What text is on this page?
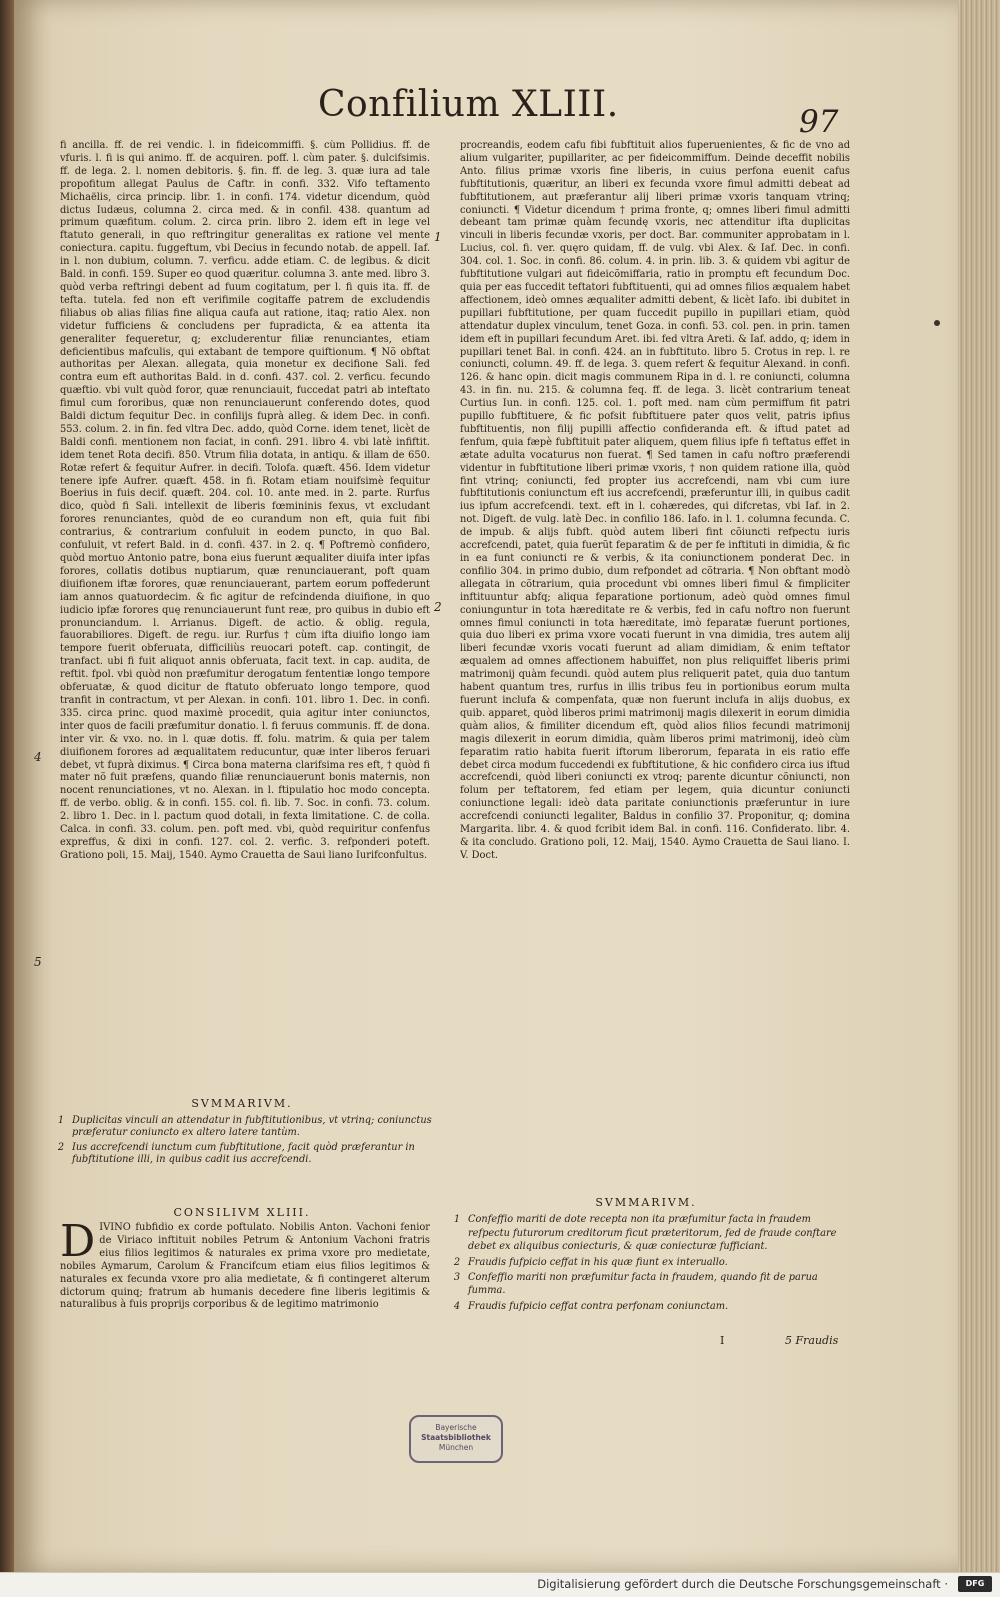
Confilium XLIII.	97

fi ancilla. ff. de rei vendic. l. in fideicommiffi. §. cùm Pollidius. ff. de vfuris. l. fi is qui animo. ff. de acquiren. poff. l. cùm pater. §. dulcifsimis. ff. de lega. 2. l. nomen debitoris. §. fin. ff. de leg. 3. quæ iura ad tale propofitum allegat Paulus de Caftr. in confi. 332. Vifo teftamento Michaëlis, circa princip. libr. 1. in confi. 174. videtur dicendum, quòd dictus Iudæus, columna 2. circa med. & in confil. 438. quantum ad primum quæfitum. colum. 2. circa prin. libro 2. idem eft in lege vel ftatuto generali, in quo reftringitur generalitas ex ratione vel mente coniectura. capitu. fuggeftum, vbi Decius in fecundo notab. de appell. Iaf. in l. non dubium, column. 7. verficu. adde etiam. C. de legibus. & dicit Bald. in confi. 159. Super eo quod quæritur. columna 3. ante med. libro 3. quòd verba reftringi debent ad fuum cogitatum, per l. fi quis ita. ff. de tefta. tutela. fed non eft verifimile cogitaffe patrem de excludendis filiabus ob alias filias fine aliqua caufa aut ratione, itaq; ratio Alex. non videtur fufficiens & concludens per fupradicta, & ea attenta ita generaliter fequeretur, q; excluderentur filiæ renunciantes, etiam deficientibus mafculis, qui extabant de tempore quiftionum. ¶ Nõ obftat authoritas per Alexan. allegata, quia monetur ex decifione Sali. fed contra eum eft authoritas Bald. in d. confi. 437. col. 2. verficu. fecundo quæftio. vbi vult quòd foror, quæ renunciauit, fuccedat patri ab inteftato fimul cum fororibus, quæ non renunciauerunt conferendo dotes, quod Baldi dictum fequitur Dec. in confilijs fuprà alleg. & idem Dec. in confi. 553. colum. 2. in fin. fed vltra Dec. addo, quòd Corne. idem tenet, licèt de Baldi confi. mentionem non faciat, in confi. 291. libro 4. vbi latè infiftit. idem tenet Rota decifi. 850. Vtrum filia dotata, in antiqu. & illam de 650. Rotæ refert & fequitur Aufrer. in decifi. Tolofa. quæft. 456. Idem videtur tenere ipfe Aufrer. quæft. 458. in fi. Rotam etiam nouifsimè fequitur Boerius in fuis decif. quæft. 204. col. 10. ante med. in 2. parte. Rurfus dico, quòd fi Sali. intellexit de liberis fœmininis fexus, vt excludant forores renunciantes, quòd de eo curandum non eft, quia fuit fibi contrarius, & contrarium confuluit in eodem puncto, in quo Bal. confuluit, vt refert Bald. in d. confi. 437. in 2. q. ¶ Poftremò confidero, quòd mortuo Antonio patre, bona eius fuerunt æqualiter diuifa inter ipfas forores, collatis dotibus nuptiarum, quæ renunciauerant, poft quam diuifionem iftæ forores, quæ renunciauerant, partem eorum poffederunt iam annos quatuordecim. & fic agitur de refcindenda diuifione, in quo iudicio ipfæ forores quę renunciauerunt funt reæ, pro quibus in dubio eft pronunciandum. l. Arrianus. Digeft. de actio. & oblig. regula, fauorabiliores. Digeft. de regu. iur. Rurfus † cùm ifta diuifio longo iam tempore fuerit obferuata, difficiliùs reuocari poteft. cap. contingit, de tranfact. ubi fi fuit aliquot annis obferuata, facit text. in cap. audita, de reftit. fpol. vbi quòd non præfumitur derogatum fententiæ longo tempore obferuatæ, & quod dicitur de ftatuto obferuato longo tempore, quod tranfit in contractum, vt per Alexan. in confi. 101. libro 1. Dec. in confi. 335. circa princ. quod maximè procedit, quia agitur inter coniunctos, inter quos de facili præfumitur donatio. l. fi feruus communis. ff. de dona. inter vir. & vxo. no. in l. quæ dotis. ff. folu. matrim. & quia per talem diuifionem forores ad æqualitatem reducuntur, quæ inter liberos feruari debet, vt fuprà diximus. ¶ Circa bona materna clarifsima res eft, † quòd fi mater nõ fuit præfens, quando filiæ renunciauerunt bonis maternis, non nocent renunciationes, vt no. Alexan. in l. ftipulatio hoc modo concepta. ff. de verbo. oblig. & in confi. 155. col. fi. lib. 7. Soc. in confi. 73. colum. 2. libro 1. Dec. in l. pactum quod dotali, in fexta limitatione. C. de colla. Calca. in confi. 33. colum. pen. poft med. vbi, quòd requiritur confenfus expreffus, & dixi in confi. 127. col. 2. verfic. 3. refponderi poteft. Grationo poli, 15. Maij, 1540. Aymo Crauetta de Saui liano Iurifconfultus.

4
5
SVMMARIVM.
1 Duplicitas vinculi an attendatur in fubftitutionibus, vt vtrinq; coniunctus præferatur coniuncto ex altero latere tantùm.
2 Ius accrefcendi iunctum cum fubftitutione, facit quòd præferantur in fubftitutione illi, in quibus cadit ius accrefcendi.
CONSILIVM XLIII.
D IVINO fubfidio ex corde poftulato. Nobilis Anton. Vachoni fenior de Viriaco inftituit nobiles Petrum & Antonium Vachoni fratris eius filios legitimos & naturales ex prima vxore pro medietate, nobiles Aymarum, Carolum & Francifcum etiam eius filios legitimos & naturales ex fecunda vxore pro alia medietate, & fi contingeret alterum dictorum quinq; fratrum ab humanis decedere fine liberis legitimis & naturalibus à fuis proprijs corporibus & de legitimo matrimonio

procreandis, eodem cafu fibi fubftituit alios fuperuenientes, & fic de vno ad alium vulgariter, pupillariter, ac per fideicommiffum. Deinde deceffit nobilis Anto. filius primæ vxoris fine liberis, in cuius perfona euenit cafus fubftitutionis, quæritur, an liberi ex fecunda vxore fimul admitti debeat ad fubftitutionem, aut præferantur alij liberi primæ vxoris tanquam vtrinq; coniuncti. ¶ Videtur dicendum † prima fronte, q; omnes liberi fimul admitti debeant tam primæ quàm fecundę vxoris, nec attenditur ifta duplicitas vinculi in liberis fecundæ vxoris, per doct. Bar. communiter approbatam in l. Lucius, col. fi. ver. quęro quidam, ff. de vulg. vbi Alex. & Iaf. Dec. in confi. 304. col. 1. Soc. in confi. 86. colum. 4. in prin. lib. 3. & quidem vbi agitur de fubftitutione vulgari aut fideicõmiffaria, ratio in promptu eft fecundum Doc. quia per eas fuccedit teftatori fubftituenti, qui ad omnes filios æqualem habet affectionem, ideò omnes æqualiter admitti debent, & licèt Iafo. ibi dubitet in pupillari fubftitutione, per quam fuccedit pupillo in pupillari etiam, quòd attendatur duplex vinculum, tenet Goza. in confi. 53. col. pen. in prin. tamen idem eft in pupillari fecundum Aret. ibi. fed vltra Areti. & Iaf. addo, q; idem in pupillari tenet Bal. in confi. 424. an in fubftituto. libro 5. Crotus in rep. l. re coniuncti, column. 49. ff. de lega. 3. quem refert & fequitur Alexand. in confi. 126. & hanc opin. dicit magis communem Ripa in d. l. re coniuncti, columna 43. in fin. nu. 215. & columna feq. ff. de lega. 3. licèt contrarium teneat Curtius Iun. in confi. 125. col. 1. poft med. nam cùm permiffum fit patri pupillo fubftituere, & fic pofsit fubftituere pater quos velit, patris ipfius fubftituentis, non filij pupilli affectio confideranda eft. & iftud patet ad fenfum, quia fæpè fubftituit pater aliquem, quem filius ipfe fi teftatus effet in ætate adulta vocaturus non fuerat. ¶ Sed tamen in cafu noftro præferendi videntur in fubftitutione liberi primæ vxoris, † non quidem ratione illa, quòd fint vtrinq; coniuncti, fed propter ius accrefcendi, nam vbi cum iure fubftitutionis coniunctum eft ius accrefcendi, præferuntur illi, in quibus cadit ius ipfum accrefcendi. text. eft in l. cohæredes, qui difcretas, vbi Iaf. in 2. not. Digeft. de vulg. latè Dec. in confilio 186. Iafo. in l. 1. columna fecunda. C. de impub. & alijs fubft. quòd autem liberi fint cõiuncti refpectu iuris accrefcendi, patet, quia fuerũt feparatim & de per fe inftituti in dimidia, & fic in ea funt coniuncti re & verbis, & ita coniunctionem ponderat Dec. in confilio 304. in primo dubio, dum refpondet ad cõtraria. ¶ Non obftant modò allegata in cõtrarium, quia procedunt vbi omnes liberi fimul & fimpliciter inftituuntur abfq; aliqua feparatione portionum, adeò quòd omnes fimul coniunguntur in tota hæreditate re & verbis, fed in cafu noftro non fuerunt omnes fimul coniuncti in tota hæreditate, imò feparatæ fuerunt portiones, quia duo liberi ex prima vxore vocati fuerunt in vna dimidia, tres autem alij liberi fecundæ vxoris vocati fuerunt ad aliam dimidiam, & enim teftator æqualem ad omnes affectionem habuiffet, non plus reliquiffet liberis primi matrimonij quàm fecundi. quòd autem plus reliquerit patet, quia duo tantum habent quantum tres, rurfus in illis tribus feu in portionibus eorum multa fuerunt inclufa & compenfata, quæ non fuerunt inclufa in alijs duobus, ex quib. apparet, quòd liberos primi matrimonij magis dilexerit in eorum dimidia quàm alios, & fimiliter dicendum eft, quòd alios filios fecundi matrimonij magis dilexerit in eorum dimidia, quàm liberos primi matrimonij, ideò cùm feparatim ratio habita fuerit iftorum liberorum, feparata in eis ratio effe debet circa modum fuccedendi ex fubftitutione, & hic confidero circa ius iftud accrefcendi, quòd liberi coniuncti ex vtroq; parente dicuntur cõniuncti, non folum per teftatorem, fed etiam per legem, quia dicuntur coniuncti coniunctione legali: ideò data paritate coniunctionis præferuntur in iure accrefcendi coniuncti legaliter, Baldus in confilio 37. Proponitur, q; domina Margarita. libr. 4. & quod fcribit idem Bal. in confi. 116. Confiderato. libr. 4. & ita concludo. Grationo poli, 12. Maij, 1540. Aymo Crauetta de Saui liano. I. V. Doct.

1
2
SVMMARIVM.
1 Confeffio mariti de dote recepta non ita præfumitur facta in fraudem refpectu futurorum creditorum ficut præteritorum, fed de fraude conftare debet ex aliquibus coniecturis, & quæ coniecturæ fufficiant.
2 Fraudis fufpicio ceffat in his quæ fiunt ex interuallo.
3 Confeffio mariti non præfumitur facta in fraudem, quando fit de parua fumma.
4 Fraudis fufpicio ceffat contra perfonam coniunctam.
I	5 Fraudis
Bayerische
Staatsbibliothek
München
Digitalisierung gefördert durch die Deutsche Forschungsgemeinschaft ·	DFG
